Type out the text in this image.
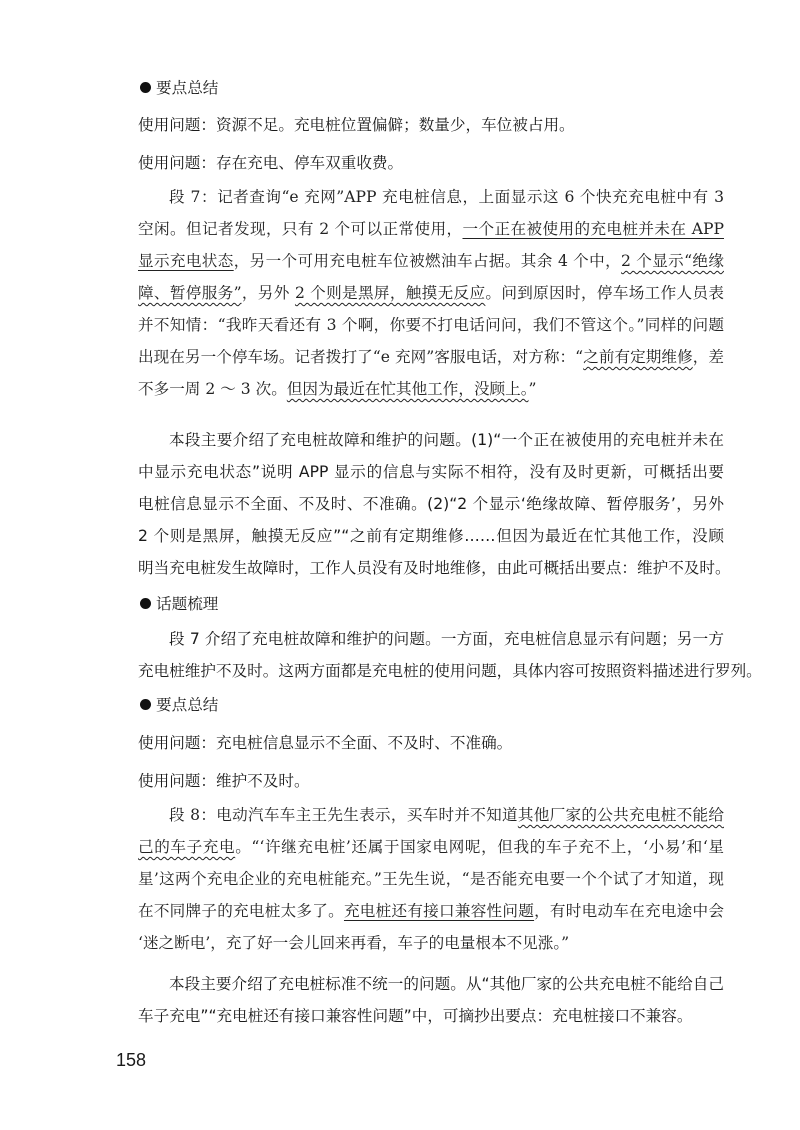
要点总结
使用问题：资源不足。充电桩位置偏僻；数量少，车位被占用。
使用问题：存在充电、停车双重收费。
段 7：记者查询“e 充网”APP 充电桩信息，上面显示这 6 个快充充电桩中有 3
空闲。但记者发现，只有 2 个可以正常使用，一个正在被使用的充电桩并未在 APP
显示充电状态，另一个可用充电桩车位被燃油车占据。其余 4 个中，2 个显示“绝缘
障、暂停服务”，另外 2 个则是黑屏，触摸无反应。问到原因时，停车场工作人员表
并不知情：“我昨天看还有 3 个啊，你要不打电话问问，我们不管这个。”同样的问题
出现在另一个停车场。记者拨打了“e 充网”客服电话，对方称：“之前有定期维修，差
不多一周 2 ～ 3 次。但因为最近在忙其他工作，没顾上。”
本段主要介绍了充电桩故障和维护的问题。(1)“一个正在被使用的充电桩并未在
中显示充电状态”说明 APP 显示的信息与实际不相符，没有及时更新，可概括出要
电桩信息显示不全面、不及时、不准确。(2)“2 个显示‘绝缘故障、暂停服务’，另外
2 个则是黑屏，触摸无反应”“之前有定期维修……但因为最近在忙其他工作，没顾
明当充电桩发生故障时，工作人员没有及时地维修，由此可概括出要点：维护不及时。
话题梳理
段 7 介绍了充电桩故障和维护的问题。一方面，充电桩信息显示有问题；另一方
充电桩维护不及时。这两方面都是充电桩的使用问题，具体内容可按照资料描述进行罗列。
要点总结
使用问题：充电桩信息显示不全面、不及时、不准确。
使用问题：维护不及时。
段 8：电动汽车车主王先生表示，买车时并不知道其他厂家的公共充电桩不能给
己的车子充电。“‘许继充电桩’还属于国家电网呢，但我的车子充不上，‘小易’和‘星
星’这两个充电企业的充电桩能充。”王先生说，“是否能充电要一个个试了才知道，现
在不同牌子的充电桩太多了。充电桩还有接口兼容性问题，有时电动车在充电途中会
‘迷之断电’，充了好一会儿回来再看，车子的电量根本不见涨。”
本段主要介绍了充电桩标准不统一的问题。从“其他厂家的公共充电桩不能给自己
车子充电”“充电桩还有接口兼容性问题”中，可摘抄出要点：充电桩接口不兼容。
158
